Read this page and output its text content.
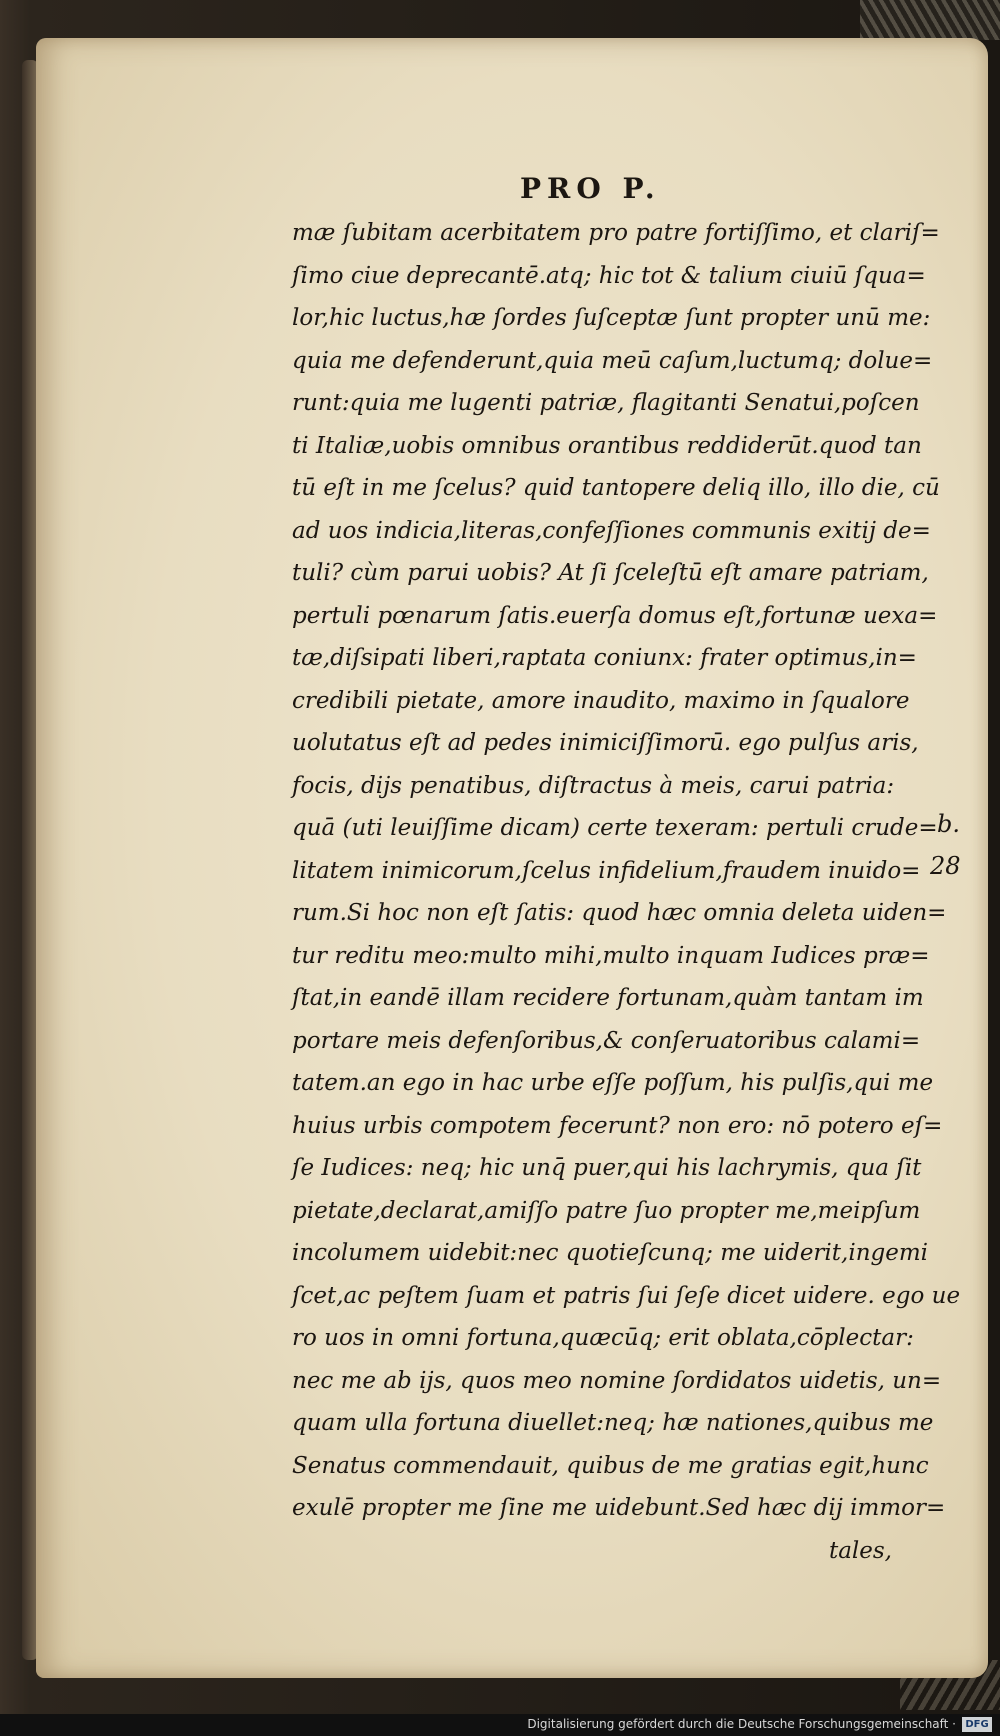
PRO P.
mæ ſubitam acerbitatem pro patre fortiſſimo, et clariſ=
ſimo ciue deprecantē.atq; hic tot & talium ciuiū ſqua=
lor,hic luctus,hæ ſordes ſuſceptæ ſunt propter unū me:
quia me defenderunt,quia meū caſum,luctumq; dolue=
runt:quia me lugenti patriæ, flagitanti Senatui,poſcen
ti Italiæ,uobis omnibus orantibus reddiderūt.quod tan
tū eſt in me ſcelus? quid tantopere deliq illo, illo die, cū
ad uos indicia,literas,confeſſiones communis exitij de=
tuli? cùm parui uobis? At ſi ſceleſtū eſt amare patriam,
pertuli pœnarum ſatis.euerſa domus eſt,fortunæ uexa=
tæ,diſsipati liberi,raptata coniunx: frater optimus,in=
credibili pietate, amore inaudito, maximo in ſqualore
uolutatus eſt ad pedes inimiciſſimorū. ego pulſus aris,
focis, dijs penatibus, diſtractus à meis, carui patria:
quā (uti leuiſſime dicam) certe texeram: pertuli crude=
litatem inimicorum,ſcelus infidelium,fraudem inuido=
rum.Si hoc non eſt ſatis: quod hæc omnia deleta uiden=
tur reditu meo:multo mihi,multo inquam Iudices præ=
ſtat,in eandē illam recidere fortunam,quàm tantam im
portare meis defenſoribus,& conſeruatoribus calami=
tatem.an ego in hac urbe eſſe poſſum, his pulſis,qui me
huius urbis compotem fecerunt? non ero: nō potero eſ=
ſe Iudices: neq; hic unq̄ puer,qui his lachrymis, qua ſit
pietate,declarat,amiſſo patre ſuo propter me,meipſum
incolumem uidebit:nec quotieſcunq; me uiderit,ingemi
ſcet,ac peſtem ſuam et patris ſui ſeſe dicet uidere. ego ue
ro uos in omni fortuna,quæcūq; erit oblata,cōplectar:
nec me ab ijs, quos meo nomine ſordidatos uidetis, un=
quam ulla fortuna diuellet:neq; hæ nationes,quibus me
Senatus commendauit, quibus de me gratias egit,hunc
exulē propter me ſine me uidebunt.Sed hæc dij immor=
tales,
b.
28
Digitalisierung gefördert durch die Deutsche Forschungsgemeinschaft · DFG
